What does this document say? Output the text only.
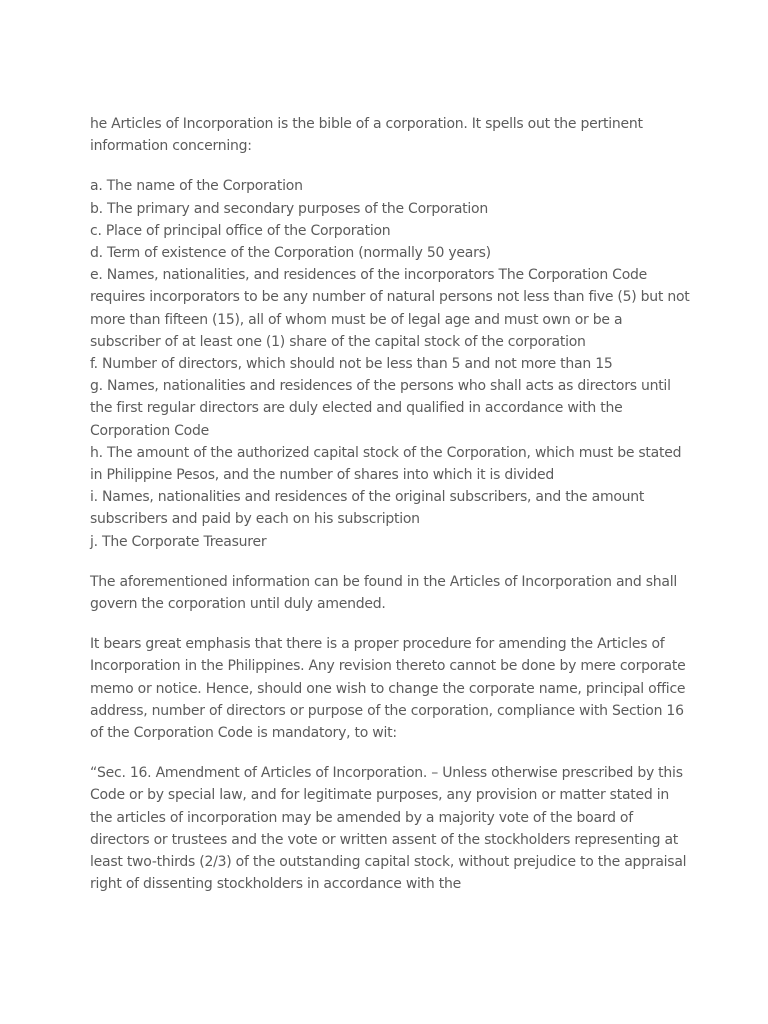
he Articles of Incorporation is the bible of a corporation. It spells out the pertinent information concerning:

a. The name of the Corporation
b. The primary and secondary purposes of the Corporation
c. Place of principal office of the Corporation
d. Term of existence of the Corporation (normally 50 years)
e. Names, nationalities, and residences of the incorporators The Corporation Code requires incorporators to be any number of natural persons not less than five (5) but not more than fifteen (15), all of whom must be of legal age and must own or be a subscriber of at least one (1) share of the capital stock of the corporation
f. Number of directors, which should not be less than 5 and not more than 15
g. Names, nationalities and residences of the persons who shall acts as directors until the first regular directors are duly elected and qualified in accordance with the Corporation Code
h. The amount of the authorized capital stock of the Corporation, which must be stated in Philippine Pesos, and the number of shares into which it is divided
i. Names, nationalities and residences of the original subscribers, and the amount subscribers and paid by each on his subscription
j. The Corporate Treasurer

The aforementioned information can be found in the Articles of Incorporation and shall govern the corporation until duly amended.

It bears great emphasis that there is a proper procedure for amending the Articles of Incorporation in the Philippines. Any revision thereto cannot be done by mere corporate memo or notice. Hence, should one wish to change the corporate name, principal office address, number of directors or purpose of the corporation, compliance with Section 16 of the Corporation Code is mandatory, to wit:

“Sec. 16. Amendment of Articles of Incorporation. – Unless otherwise prescribed by this Code or by special law, and for legitimate purposes, any provision or matter stated in the articles of incorporation may be amended by a majority vote of the board of directors or trustees and the vote or written assent of the stockholders representing at least two-thirds (2/3) of the outstanding capital stock, without prejudice to the appraisal right of dissenting stockholders in accordance with the
